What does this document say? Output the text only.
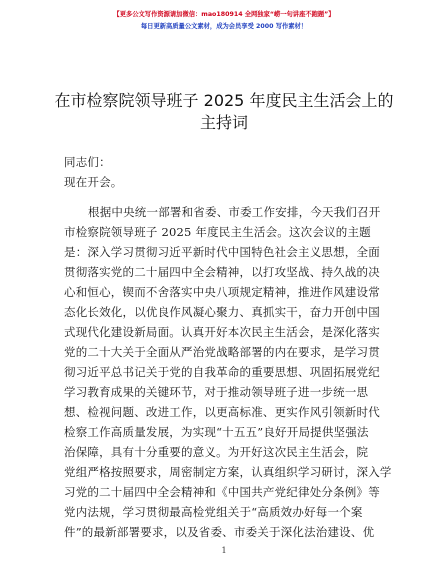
【更多公文写作资源请加微信：mao180914 全网独家“崂一句讲座不跑题”】
每日更新高质量公文素材，成为会员享受 2000 写作素材！
在市检察院领导班子 2025 年度民主生活会上的
主持词
同志们：
现在开会。
根据中央统一部署和省委、市委工作安排，今天我们召开
市检察院领导班子 2025 年度民主生活会。这次会议的主题
是：深入学习贯彻习近平新时代中国特色社会主义思想，全面
贯彻落实党的二十届四中全会精神，以打攻坚战、持久战的决
心和恒心，锲而不舍落实中央八项规定精神，推进作风建设常
态化长效化，以优良作风凝心聚力、真抓实干，奋力开创中国
式现代化建设新局面。认真开好本次民主生活会，是深化落实
党的二十大关于全面从严治党战略部署的内在要求，是学习贯
彻习近平总书记关于党的自我革命的重要思想、巩固拓展党纪
学习教育成果的关键环节，对于推动领导班子进一步统一思
想、检视问题、改进工作，以更高标准、更实作风引领新时代
检察工作高质量发展，为实现“十五五”良好开局提供坚强法
治保障，具有十分重要的意义。为开好这次民主生活会，院
党组严格按照要求，周密制定方案，认真组织学习研讨，深入学
习党的二十届四中全会精神和《中国共产党纪律处分条例》等
党内法规，学习贯彻最高检党组关于“高质效办好每一个案
件”的最新部署要求，以及省委、市委关于深化法治建设、优
1
